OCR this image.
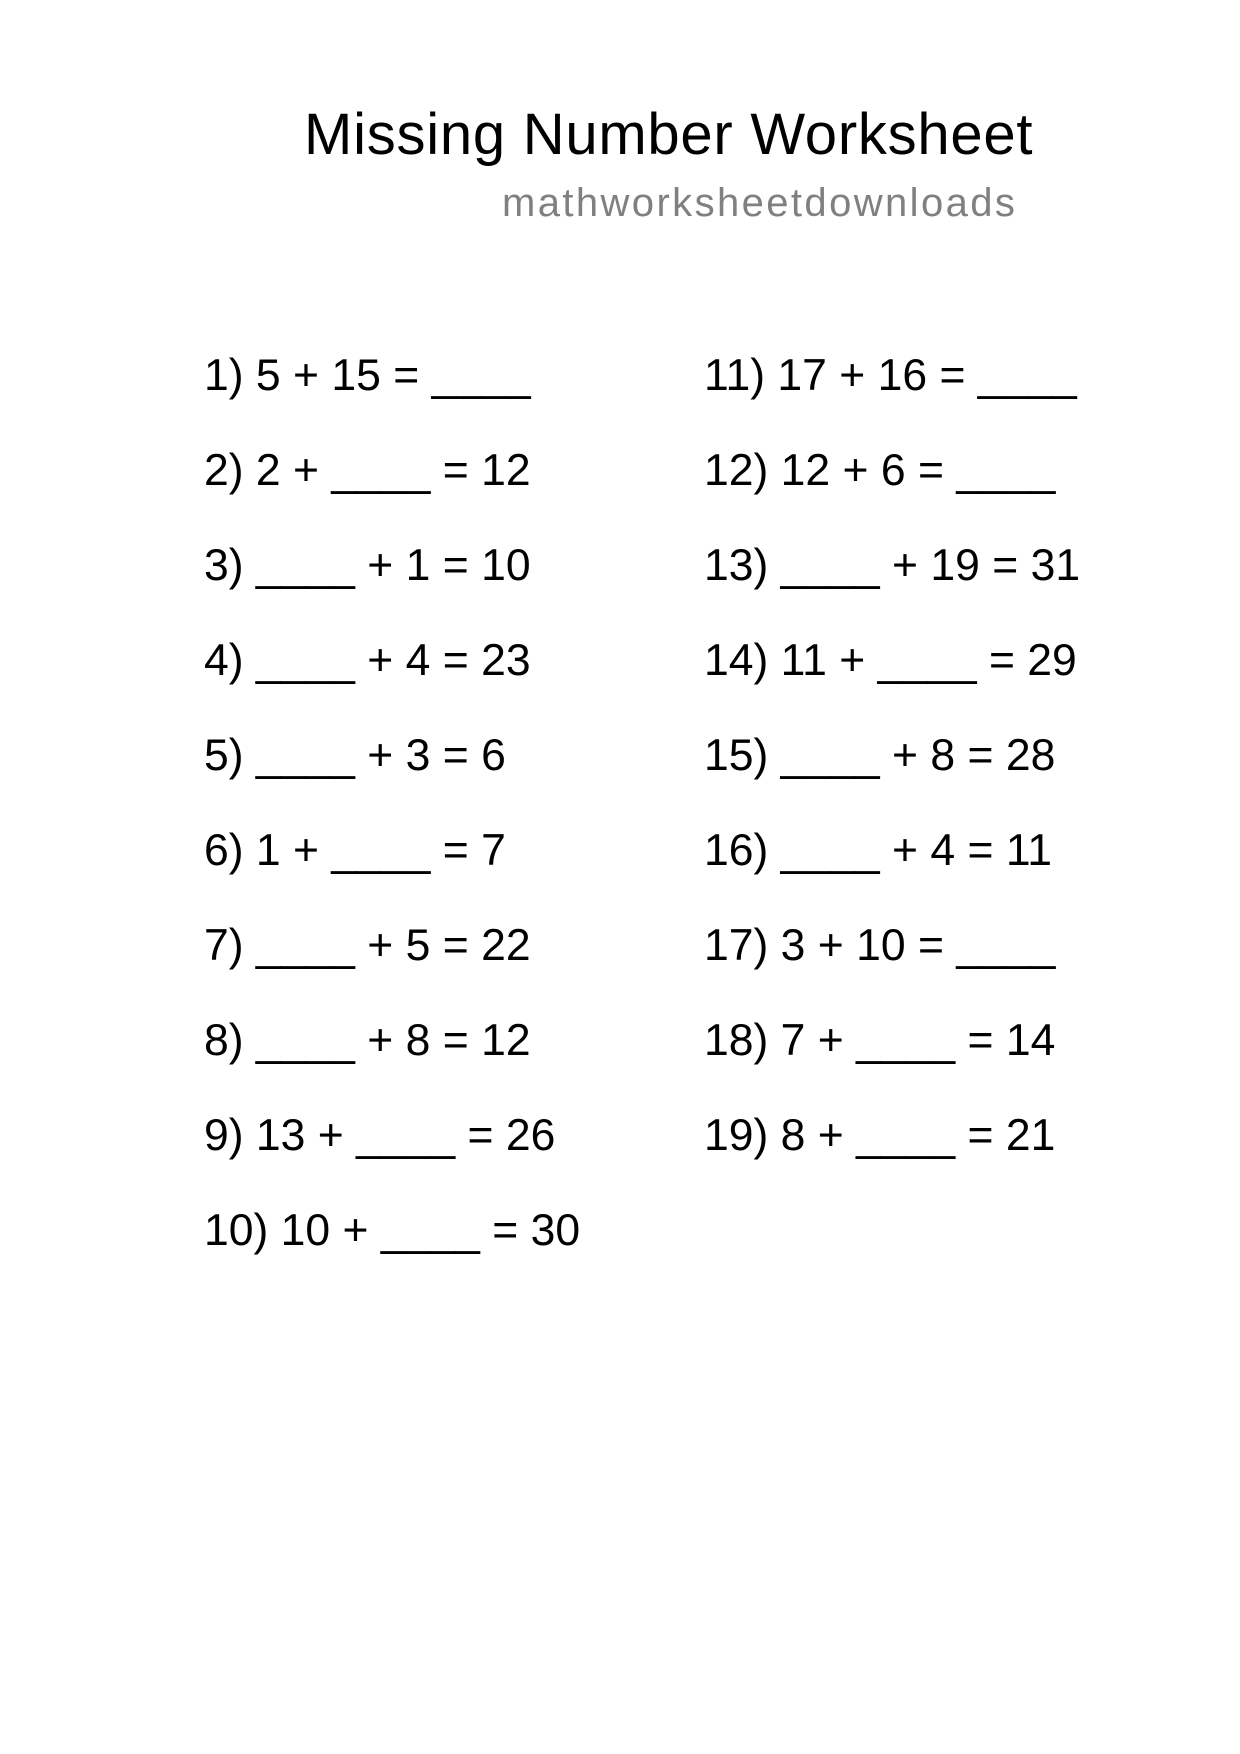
Missing Number Worksheet
mathworksheetdownloads
1) 5 + 15 = ____
2) 2 + ____ = 12
3) ____ + 1 = 10
4) ____ + 4 = 23
5) ____ + 3 = 6
6) 1 + ____ = 7
7) ____ + 5 = 22
8) ____ + 8 = 12
9) 13 + ____ = 26
10) 10 + ____ = 30
11) 17 + 16 = ____
12) 12 + 6 = ____
13) ____ + 19 = 31
14) 11 + ____ = 29
15) ____ + 8 = 28
16) ____ + 4 = 11
17) 3 + 10 = ____
18) 7 + ____ = 14
19) 8 + ____ = 21
